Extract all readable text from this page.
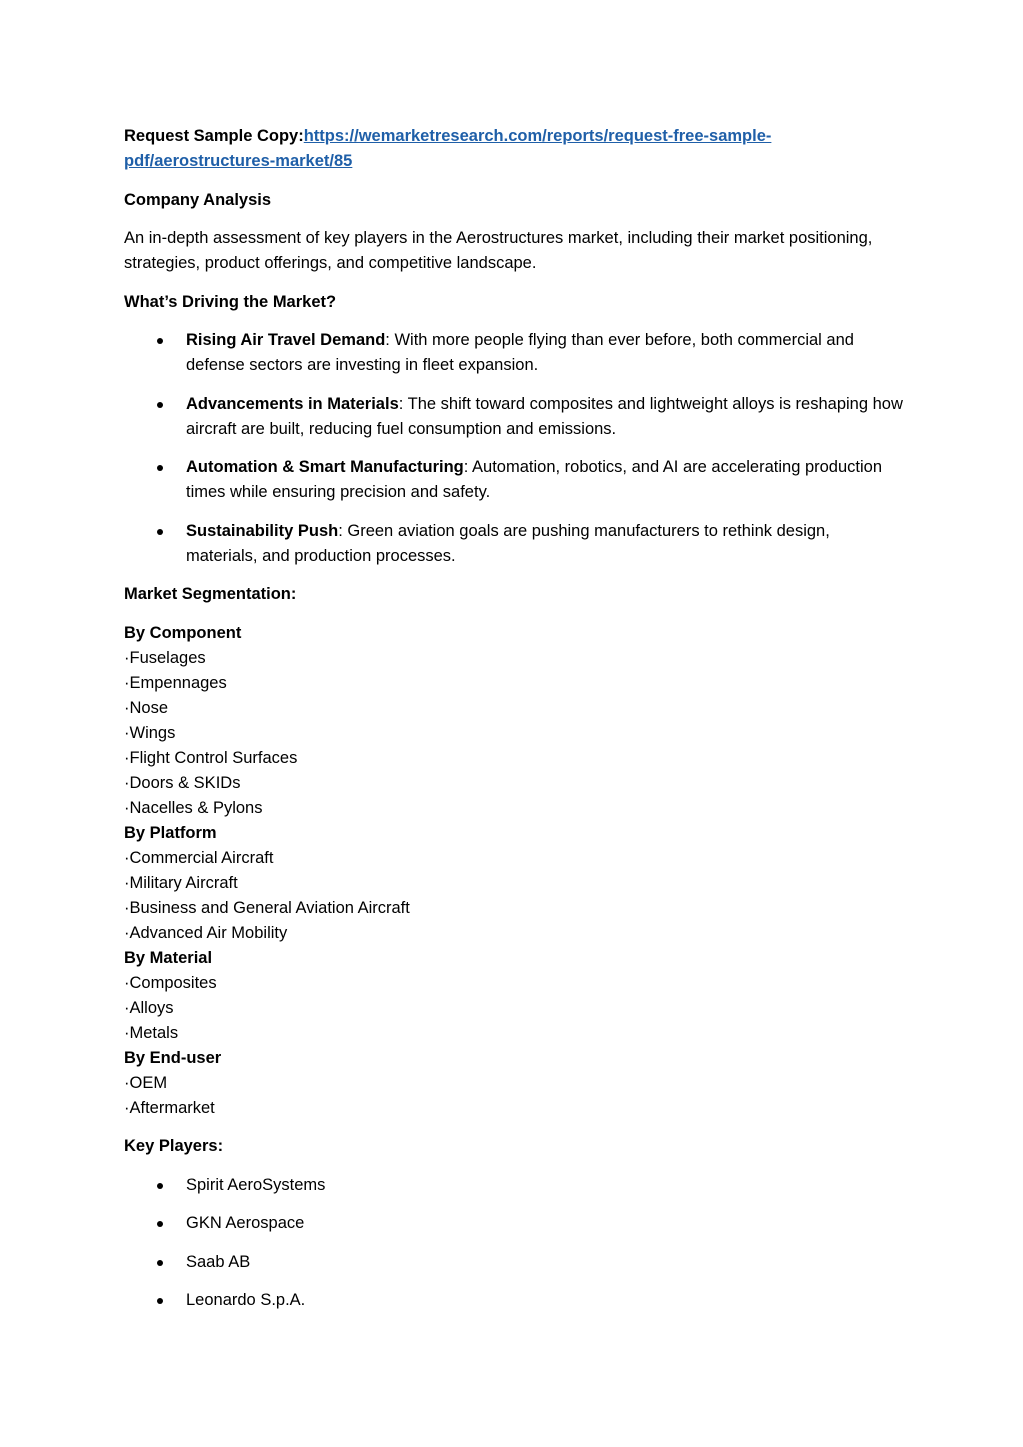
Request Sample Copy:https://wemarketresearch.com/reports/request-free-sample-pdf/aerostructures-market/85

Company Analysis

An in-depth assessment of key players in the Aerostructures market, including their market positioning, strategies, product offerings, and competitive landscape.

What’s Driving the Market?

Rising Air Travel Demand: With more people flying than ever before, both commercial and defense sectors are investing in fleet expansion.
Advancements in Materials: The shift toward composites and lightweight alloys is reshaping how aircraft are built, reducing fuel consumption and emissions.
Automation & Smart Manufacturing: Automation, robotics, and AI are accelerating production times while ensuring precision and safety.
Sustainability Push: Green aviation goals are pushing manufacturers to rethink design, materials, and production processes.

Market Segmentation:

By Component
·Fuselages
·Empennages
·Nose
·Wings
·Flight Control Surfaces
·Doors & SKIDs
·Nacelles & Pylons
By Platform
·Commercial Aircraft
·Military Aircraft
·Business and General Aviation Aircraft
·Advanced Air Mobility
By Material
·Composites
·Alloys
·Metals
By End-user
·OEM
·Aftermarket

Key Players:

Spirit AeroSystems
GKN Aerospace
Saab AB
Leonardo S.p.A.
